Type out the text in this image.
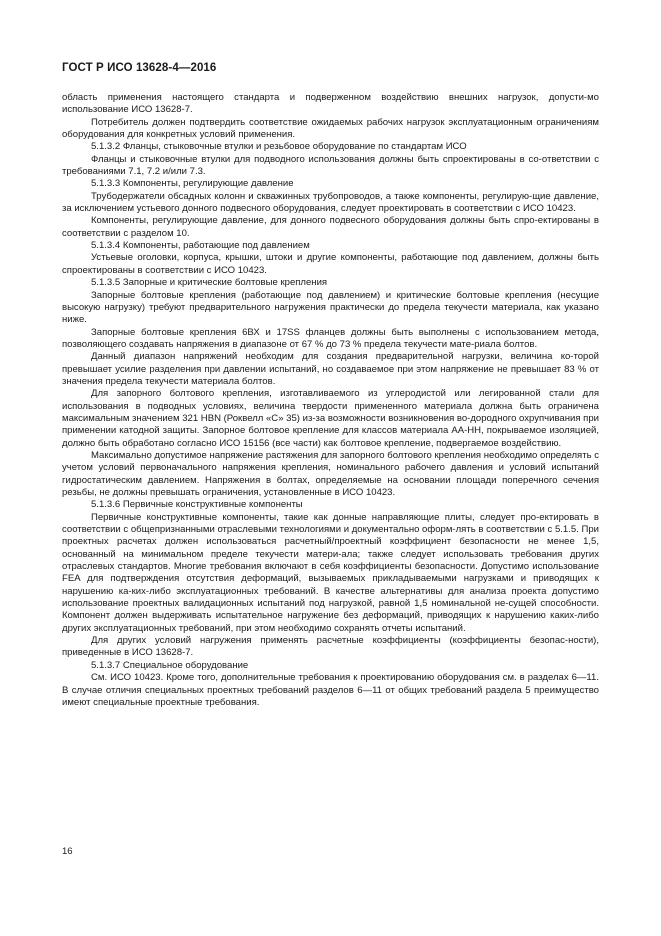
ГОСТ Р ИСО 13628-4—2016

область применения настоящего стандарта и подверженном воздействию внешних нагрузок, допусти-мо использование ИСО 13628-7.

Потребитель должен подтвердить соответствие ожидаемых рабочих нагрузок эксплуатационным ограничениям оборудования для конкретных условий применения.

5.1.3.2 Фланцы, стыковочные втулки и резьбовое оборудование по стандартам ИСО

Фланцы и стыковочные втулки для подводного использования должны быть спроектированы в со-ответствии с требованиями 7.1, 7.2 и/или 7.3.

5.1.3.3 Компоненты, регулирующие давление

Трубодержатели обсадных колонн и скважинных трубопроводов, а также компоненты, регулирую-щие давление, за исключением устьевого донного подвесного оборудования, следует проектировать в соответствии с ИСО 10423.

Компоненты, регулирующие давление, для донного подвесного оборудования должны быть спро-ектированы в соответствии с разделом 10.

5.1.3.4 Компоненты, работающие под давлением

Устьевые оголовки, корпуса, крышки, штоки и другие компоненты, работающие под давлением, должны быть спроектированы в соответствии с ИСО 10423.

5.1.3.5 Запорные и критические болтовые крепления

Запорные болтовые крепления (работающие под давлением) и критические болтовые крепления (несущие высокую нагрузку) требуют предварительного нагружения практически до предела текучести материала, как указано ниже.

Запорные болтовые крепления 6ВХ и 17SS фланцев должны быть выполнены с использованием метода, позволяющего создавать напряжения в диапазоне от 67 % до 73 % предела текучести мате-риала болтов.

Данный диапазон напряжений необходим для создания предварительной нагрузки, величина ко-торой превышает усилие разделения при давлении испытаний, но создаваемое при этом напряжение не превышает 83 % от значения предела текучести материала болтов.

Для запорного болтового крепления, изготавливаемого из углеродистой или легированной стали для использования в подводных условиях, величина твердости примененного материала должна быть ограничена максимальным значением 321 HBN (Роквелл «С» 35) из-за возможности возникновения во-дородного охрупчивания при применении катодной защиты. Запорное болтовое крепление для классов материала АА-НН, покрываемое изоляцией, должно быть обработано согласно ИСО 15156 (все части) как болтовое крепление, подвергаемое воздействию.

Максимально допустимое напряжение растяжения для запорного болтового крепления необходимо определять с учетом условий первоначального напряжения крепления, номинального рабочего давления и условий испытаний гидростатическим давлением. Напряжения в болтах, определяемые на основании площади поперечного сечения резьбы, не должны превышать ограничения, установленные в ИСО 10423.

5.1.3.6 Первичные конструктивные компоненты

Первичные конструктивные компоненты, такие как донные направляющие плиты, следует про-ектировать в соответствии с общепризнанными отраслевыми технологиями и документально оформ-лять в соответствии с 5.1.5. При проектных расчетах должен использоваться расчетный/проектный коэффициент безопасности не менее 1,5, основанный на минимальном пределе текучести матери-ала; также следует использовать требования других отраслевых стандартов. Многие требования включают в себя коэффициенты безопасности. Допустимо использование FEA для подтверждения отсутствия деформаций, вызываемых прикладываемыми нагрузками и приводящих к нарушению ка-ких-либо эксплуатационных требований. В качестве альтернативы для анализа проекта допустимо использование проектных валидационных испытаний под нагрузкой, равной 1,5 номинальной не-сущей способности. Компонент должен выдерживать испытательное нагружение без деформаций, приводящих к нарушению каких-либо других эксплуатационных требований, при этом необходимо сохранять отчеты испытаний.

Для других условий нагружения применять расчетные коэффициенты (коэффициенты безопас-ности), приведенные в ИСО 13628-7.

5.1.3.7 Специальное оборудование

См. ИСО 10423. Кроме того, дополнительные требования к проектированию оборудования см. в разделах 6—11. В случае отличия специальных проектных требований разделов 6—11 от общих требований раздела 5 преимущество имеют специальные проектные требования.

16
